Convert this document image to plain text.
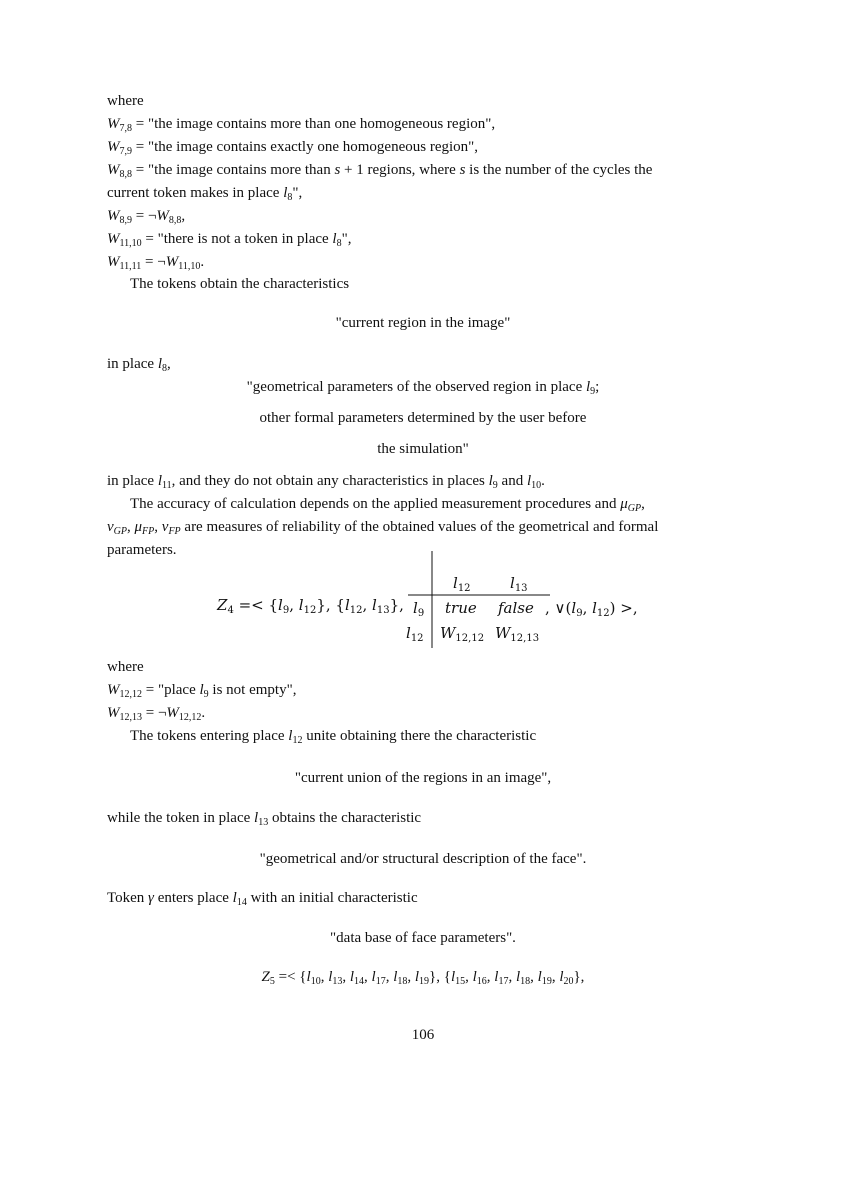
where
$W_{7,8}$ = "the image contains more than one homogeneous region",
$W_{7,9}$ = "the image contains exactly one homogeneous region",
$W_{8,8}$ = "the image contains more than s + 1 regions, where s is the number of the cycles the
current token makes in place $l_8$",
$W_{8,9}$ = $\neg W_{8,8}$,
$W_{11,10}$ = "there is not a token in place $l_8$",
$W_{11,11}$ = $\neg W_{11,10}$.
The tokens obtain the characteristics
"current region in the image"
in place $l_8$,
"geometrical parameters of the observed region in place $l_9$;
other formal parameters determined by the user before
the simulation"
in place $l_{11}$, and they do not obtain any characteristics in places $l_9$ and $l_{10}$.
The accuracy of calculation depends on the applied measurement procedures and $\mu_{GP}$,
$\nu_{GP}$, $\mu_{FP}$, $\nu_{FP}$ are measures of reliability of the obtained values of the geometrical and formal
parameters.
$Z_4 =< \{l_9$, $l_{12}$}, {$l_{12}$, $l_{13}$},
$l_{12}$	$l_{13}$
$l_9$
$l_{12}$
true false
$W_{12,12}$ $W_{12,13}$
, $\vee(l_9$, $l_{12}$) >,
where
$W_{12,12}$ = "place $l_9$ is not empty",
$W_{12,13}$ = $\neg W_{12,12}$.
The tokens entering place $l_{12}$ unite obtaining there the characteristic
"current union of the regions in an image",
while the token in place $l_{13}$ obtains the characteristic
"geometrical and/or structural description of the face".
Token γ enters place $l_{14}$ with an initial characteristic
"data base of face parameters".
$Z_5 =< \{l_{10}$, $l_{13}$, $l_{14}$, $l_{17}$, $l_{18}$, $l_{19}$}, {$l_{15}$, $l_{16}$, $l_{17}$, $l_{18}$, $l_{19}$, $l_{20}$},
106
